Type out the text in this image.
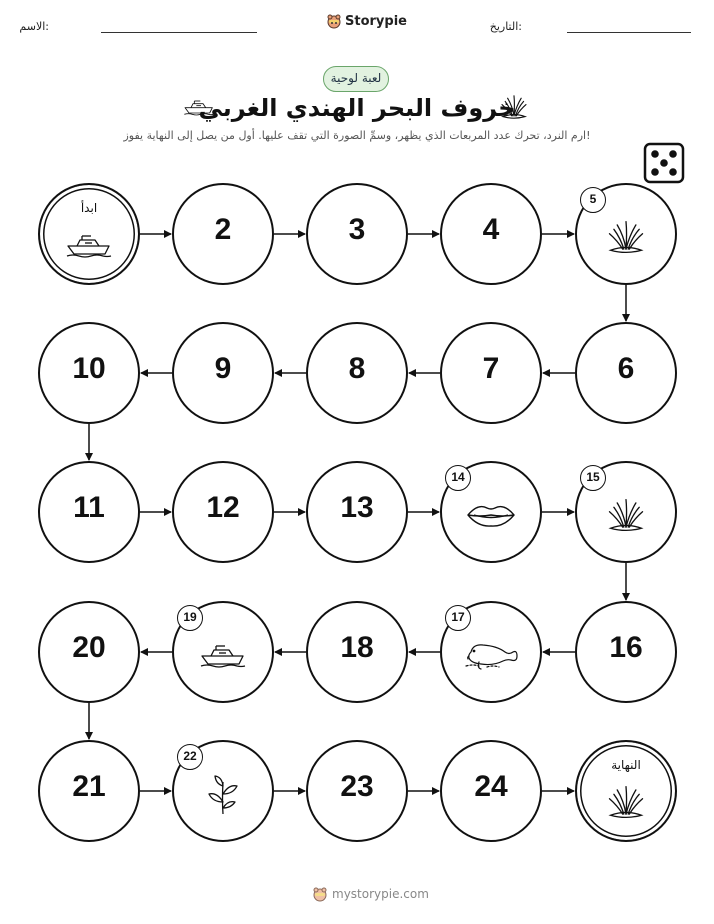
الاسم:	التاريخ:
Storypie
لعبة لوحية
خروف البحر الهندي الغربي
ارم النرد، تحرك عدد المربعات الذي يظهر، وسمِّ الصورة التي تقف عليها. أول من يصل إلى النهاية يفوز!
ابدأ
2	3	4
5
6
7
8
9
10
11	12	13
14	15
16
17
18
19
20
21
22
23	24
النهاية
mystorypie.com
